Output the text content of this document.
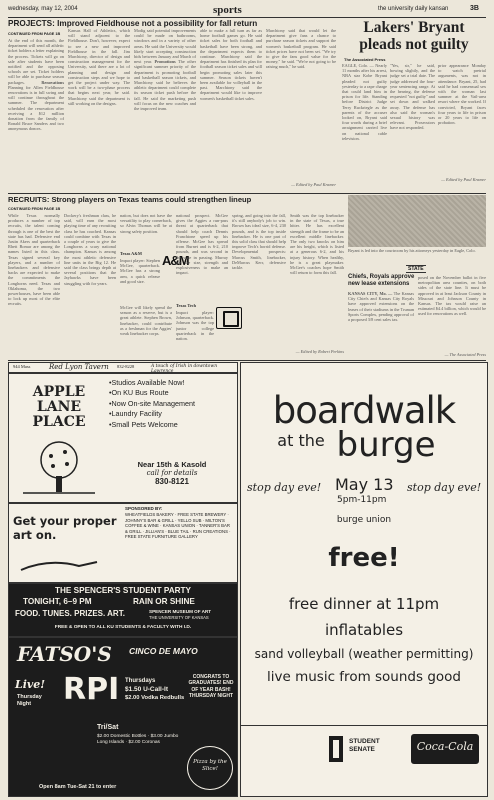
wednesday, may 12, 2004	sports	the university daily kansan	3B
PROJECTS: Improved Fieldhouse not a possibility for fall return
CONTINUED FROM PAGE 1B
At the end of this month, the department will send all athletic ticket holders a letter explaining the process. Tickets will go on sale after students have been notified and the opposing schools are set. Ticket holders will be able to purchase season packages. Renovations Planning for Allen Fieldhouse renovations is in full swing and will continue throughout the summer. The department scheduled the renovation after receiving a $12 million donation from the family of Ronald Bruce Sanders and two anonymous donors.
Kansas Hall of Athletics, which will stand adjacent to the Fieldhouse. Don't, however, expect to see a new and improved Fieldhouse in the fall. Jim Marchiony, director of design and construction management for the University, said there are a lot of planning and design and construction steps and we hope to get the project under way. The work will be a two-phase process that begins next year, he said. Marchiony said the department is still working on the designs.
Modig said potential improvements could be made on bathrooms, windows and in a variety of other areas. He said the University would likely start accepting construction bids between January and March of next year. Promotions The other significant summer priority of the department is promoting football and basketball season tickets, and Marchiony said he believes the athletic department could complete its season ticket push before the fall. He said the marketing push will focus on the new coaches and the improved team.
able to make a full turn as far as home football games go. He said ticket sales for both football and basketball have been strong, and the department expects them to continue. Marchiony said the department has finished its plan for football season ticket sales and will begin promoting sales later this summer. Season tickets haven't been available for volleyball in the past. Marchiony said the department would like to improve women's basketball ticket sales.
Marchiony said that would let the department give fans a chance to purchase season tickets and support the women's basketball program. He said ticket prices have not been set. "We try to give the fans good value for the money," he said. "We're not going to be raising much," he said.
— Edited by Paul Kramer
Lakers' Bryant pleads not guilty
The Associated Press
EAGLE, Colo. — Nearly 11 months after his arrest, NBA star Kobe Bryant pleaded not guilty yesterday to a rape charge that could land him in prison for life. Standing before District Judge Terry Ruckriegle as the parents of the accuser looked on, Bryant said four words during a brief arraignment carried live on national cable television.
"Yes, sir," he said, bowing slightly, and the judge set a trial date. The judge addressed the four-year sentencing range. At the hearing, the defense requested "not guilty" and set down and walked away. The defense has also said the woman's sexual history was relevant. Prosecutors have not responded.
prior appearance Monday to watch pretrial arguments, was not in attendance. Bryant, 25, had said he had consensual sex with the woman last summer at the Vail-area resort where she worked. If convicted, Bryant faces four years to life in prison or 20 years to life on probation.
— Edited by Paul Kramer
RECRUITS: Strong players on Texas teams could strengthen lineup
CONTINUED FROM PAGE 1B
While Texas normally produces a number of top recruits, the talent coming through is one of the best the state has had. Defensive end Justin Akers and quarterback Rhett Bomar are among the names listed in this class. Texas signed several key players, and a number of linebackers and defensive backs are expected to make the commitments the Longhorns need. Texas and Oklahoma, the two powerhouses, have been able to lock up most of the elite recruits.
Dockery's freshman class, he said, will earn the most playing time of any recruiting class he has coached. Kansas could combine with Texas in a couple of years to give the Longhorns a scary national champion. Kansas is among the most athletic defensive line units in the Big 12. He said the class brings depth at several positions that the Jayhawks have been struggling with for years.
Texas A&M
Impact player: Stephen McGee, quarterback. McGee has a strong arm, a quick release and good size.
A&M
nation, but does not have the versatility to play cornerback, so Alvin Thomas will be at strong safety position.
McGee will likely spend the season as a reserve, but is a great athlete. Stephen Brown, linebacker, could contribute as a freshman for the Aggies' weak linebacker corps.
national prospect. McGee gives the Aggies a run-pass threat at quarterback that should help coach Dennis Franchione speed up his offense. McGee has spread from Burnet and is 6-2, 210 pounds, and was second in the state in passing. Murray has the size, strength and explosiveness to make an impact.
Texas Tech
Impact player: Johnson, quarterback. Johnson was the top junior college quarterback in the nation.
spring, and going into the fall, it's still anybody's job to win. Brown has ideal size, 6-4, 230 pounds, and is the top inside linebacker. He is one part of this solid class that should help improve Tech's horrid defense. Developmental prospects: Marcus Smith, linebacker, DeMarcus Kerr, defensive tackle.
Smith was the top linebacker in the state of Texas, a true hitter. He has excellent strength and the frame to be an excellent middle linebacker. The only two knocks on him are his height, which is listed at a generous 6-2, and his injury history. When healthy, he is a great playmaker. McGee's coaches hope Smith will return to form this fall.
— Edited by Robert Perkins
Bryant is led into the courtroom by his attorneys yesterday in Eagle, Colo.
STATE
Chiefs, Royals approve new lease extensions
KANSAS CITY, Mo. — The Kansas City Chiefs and Kansas City Royals have approved extensions on the leases of their stadiums in the Truman Sports Complex, pending approval of a proposed 3/8 cent sales tax.
posed on the November ballot in five metropolitan area counties, on both sides of the state line. It must be approved in at least Jackson County in Missouri and Johnson County in Kansas. The tax would raise an estimated $4.4 billion, which would be used for renovations as well.
— The Associated Press
Red Lyon Tavern
944 Mass	832-8228	A touch of Irish in downtown Lawrence
APPLE
LANE
PLACE
•Studios Available Now!
•On KU Bus Route
•Now On-site Management
•Laundry Facility
•Small Pets Welcome
Near 15th & Kasold
call for details
830-8121
Get your proper art on.
SPONSORED BY:
WHEATFIELDS BAKERY · FREE STATE BREWERY · JOHNNY'S BAR & GRILL · YELLO SUB · MILTON'S COFFEE & WINE · KANSAS UNION · TANNER'S BAR & GRILL · JILLIAN'S · BLUE TAIL · RUN CREATIONS · FREE STATE FURNITURE GALLERY
THE SPENCER'S STUDENT PARTY
TONIGHT, 6–9 PM	RAIN OR SHINE
FOOD. TUNES. PRIZES. ART.	SPENCER MUSEUM OF ART
THE UNIVERSITY OF KANSAS
FREE & OPEN TO ALL KU STUDENTS & FACULTY WITH I.D.
FATSO'S CINCO DE MAYO
Live!
Thursday Night	RPI Thursdays
$1.50 U-Call-It
$2.00 Vodka Redbulls
CONGRATS TO GRADUATES! END OF YEAR BASH! THURSDAY NIGHT
Tri/Sat
$2.00 Domestic Bottles · $3.00 Jumbo Long Islands · $2.00 Coronas
Pizza by the Slice!
Open 8am Tue-Sat 21 to enter
boardwalk
at the burge
stop day eve! May 13
5pm-11pm
stop day eve!
burge union
free!
free dinner at 11pm
inflatables
sand volleyball (weather permitting)
live music from sounds good
STUDENT SENATE	Coca-Cola
